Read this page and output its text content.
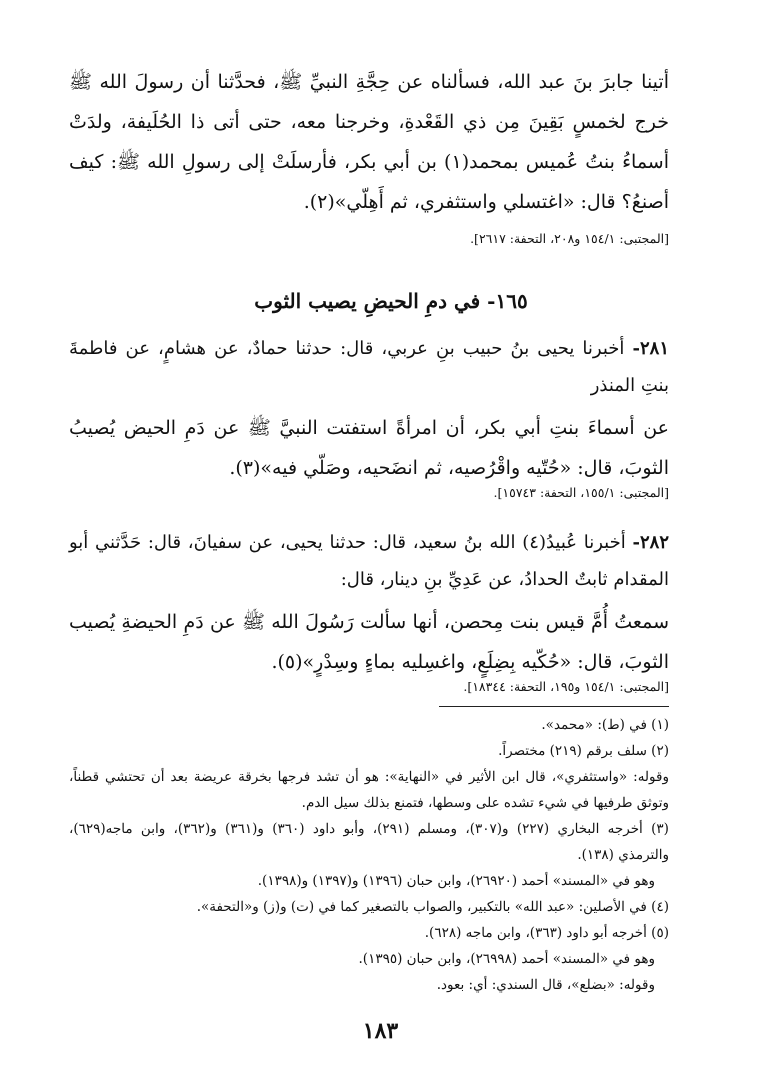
أتينا جابرَ بنَ عبد الله، فسألناه عن حِجَّةِ النبيِّ ﷺ، فحدَّثنا أن رسولَ الله ﷺ خرج لخمسٍ بَقِينَ مِن ذي القَعْدةِ، وخرجنا معه، حتى أتى ذا الحُلَيفة، ولدَتْ أسماءُ بنتُ عُميس بمحمد(١) بن أبي بكر، فأرسلَتْ إلى رسولِ الله ﷺ: كيف أصنعُ؟ قال: «اغتسلي واستثفري، ثم أَهِلّي»(٢).
[المجتبى: ١٥٤/١ و٢٠٨، التحفة: ٢٦١٧].
١٦٥- في دمِ الحيضِ يصيب الثوب
٢٨١- أخبرنا يحيى بنُ حبيب بنِ عربي، قال: حدثنا حمادٌ، عن هشامٍ، عن فاطمةَ بنتِ المنذر
عن أسماءَ بنتِ أبي بكر، أن امرأةً استفتت النبيَّ ﷺ عن دَمِ الحيض يُصيبُ الثوبَ، قال: «حُتّيه واقْرُصيه، ثم انضَحيه، وصَلّي فيه»(٣).
[المجتبى: ١٥٥/١، التحفة: ١٥٧٤٣].
٢٨٢- أخبرنا عُبيدُ(٤) الله بنُ سعيد، قال: حدثنا يحيى، عن سفيانَ، قال: حَدَّثني أبو المقدام ثابتٌ الحدادُ، عن عَدِيِّ بنِ دينار، قال:
سمعتُ أُمَّ قيس بنت مِحصن، أنها سألت رَسُولَ الله ﷺ عن دَمِ الحيضةِ يُصيب الثوبَ، قال: «حُكّيه بِضِلَعٍ، واغسِليه بماءٍ وسِدْرٍ»(٥).
[المجتبى: ١٥٤/١ و١٩٥، التحفة: ١٨٣٤٤].
(١) في (ط): «محمد».
(٢) سلف برقم (٢١٩) مختصراً.
وقوله: «واستثفري»، قال ابن الأثير في «النهاية»: هو أن تشد فرجها بخرقة عريضة بعد أن تحتشي قطناً، وتوثق طرفيها في شيء تشده على وسطها، فتمنع بذلك سيل الدم.
(٣) أخرجه البخاري (٢٢٧) و(٣٠٧)، ومسلم (٢٩١)، وأبو داود (٣٦٠) و(٣٦١) و(٣٦٢)، وابن ماجه(٦٢٩)، والترمذي (١٣٨).
وهو في «المسند» أحمد (٢٦٩٢٠)، وابن حبان (١٣٩٦) و(١٣٩٧) و(١٣٩٨).
(٤) في الأصلين: «عبد الله» بالتكبير، والصواب بالتصغير كما في (ت) و(ز) و«التحفة».
(٥) أخرجه أبو داود (٣٦٣)، وابن ماجه (٦٢٨).
وهو في «المسند» أحمد (٢٦٩٩٨)، وابن حبان (١٣٩٥).
وقوله: «بضلع»، قال السندي: أي: بعود.
١٨٣
